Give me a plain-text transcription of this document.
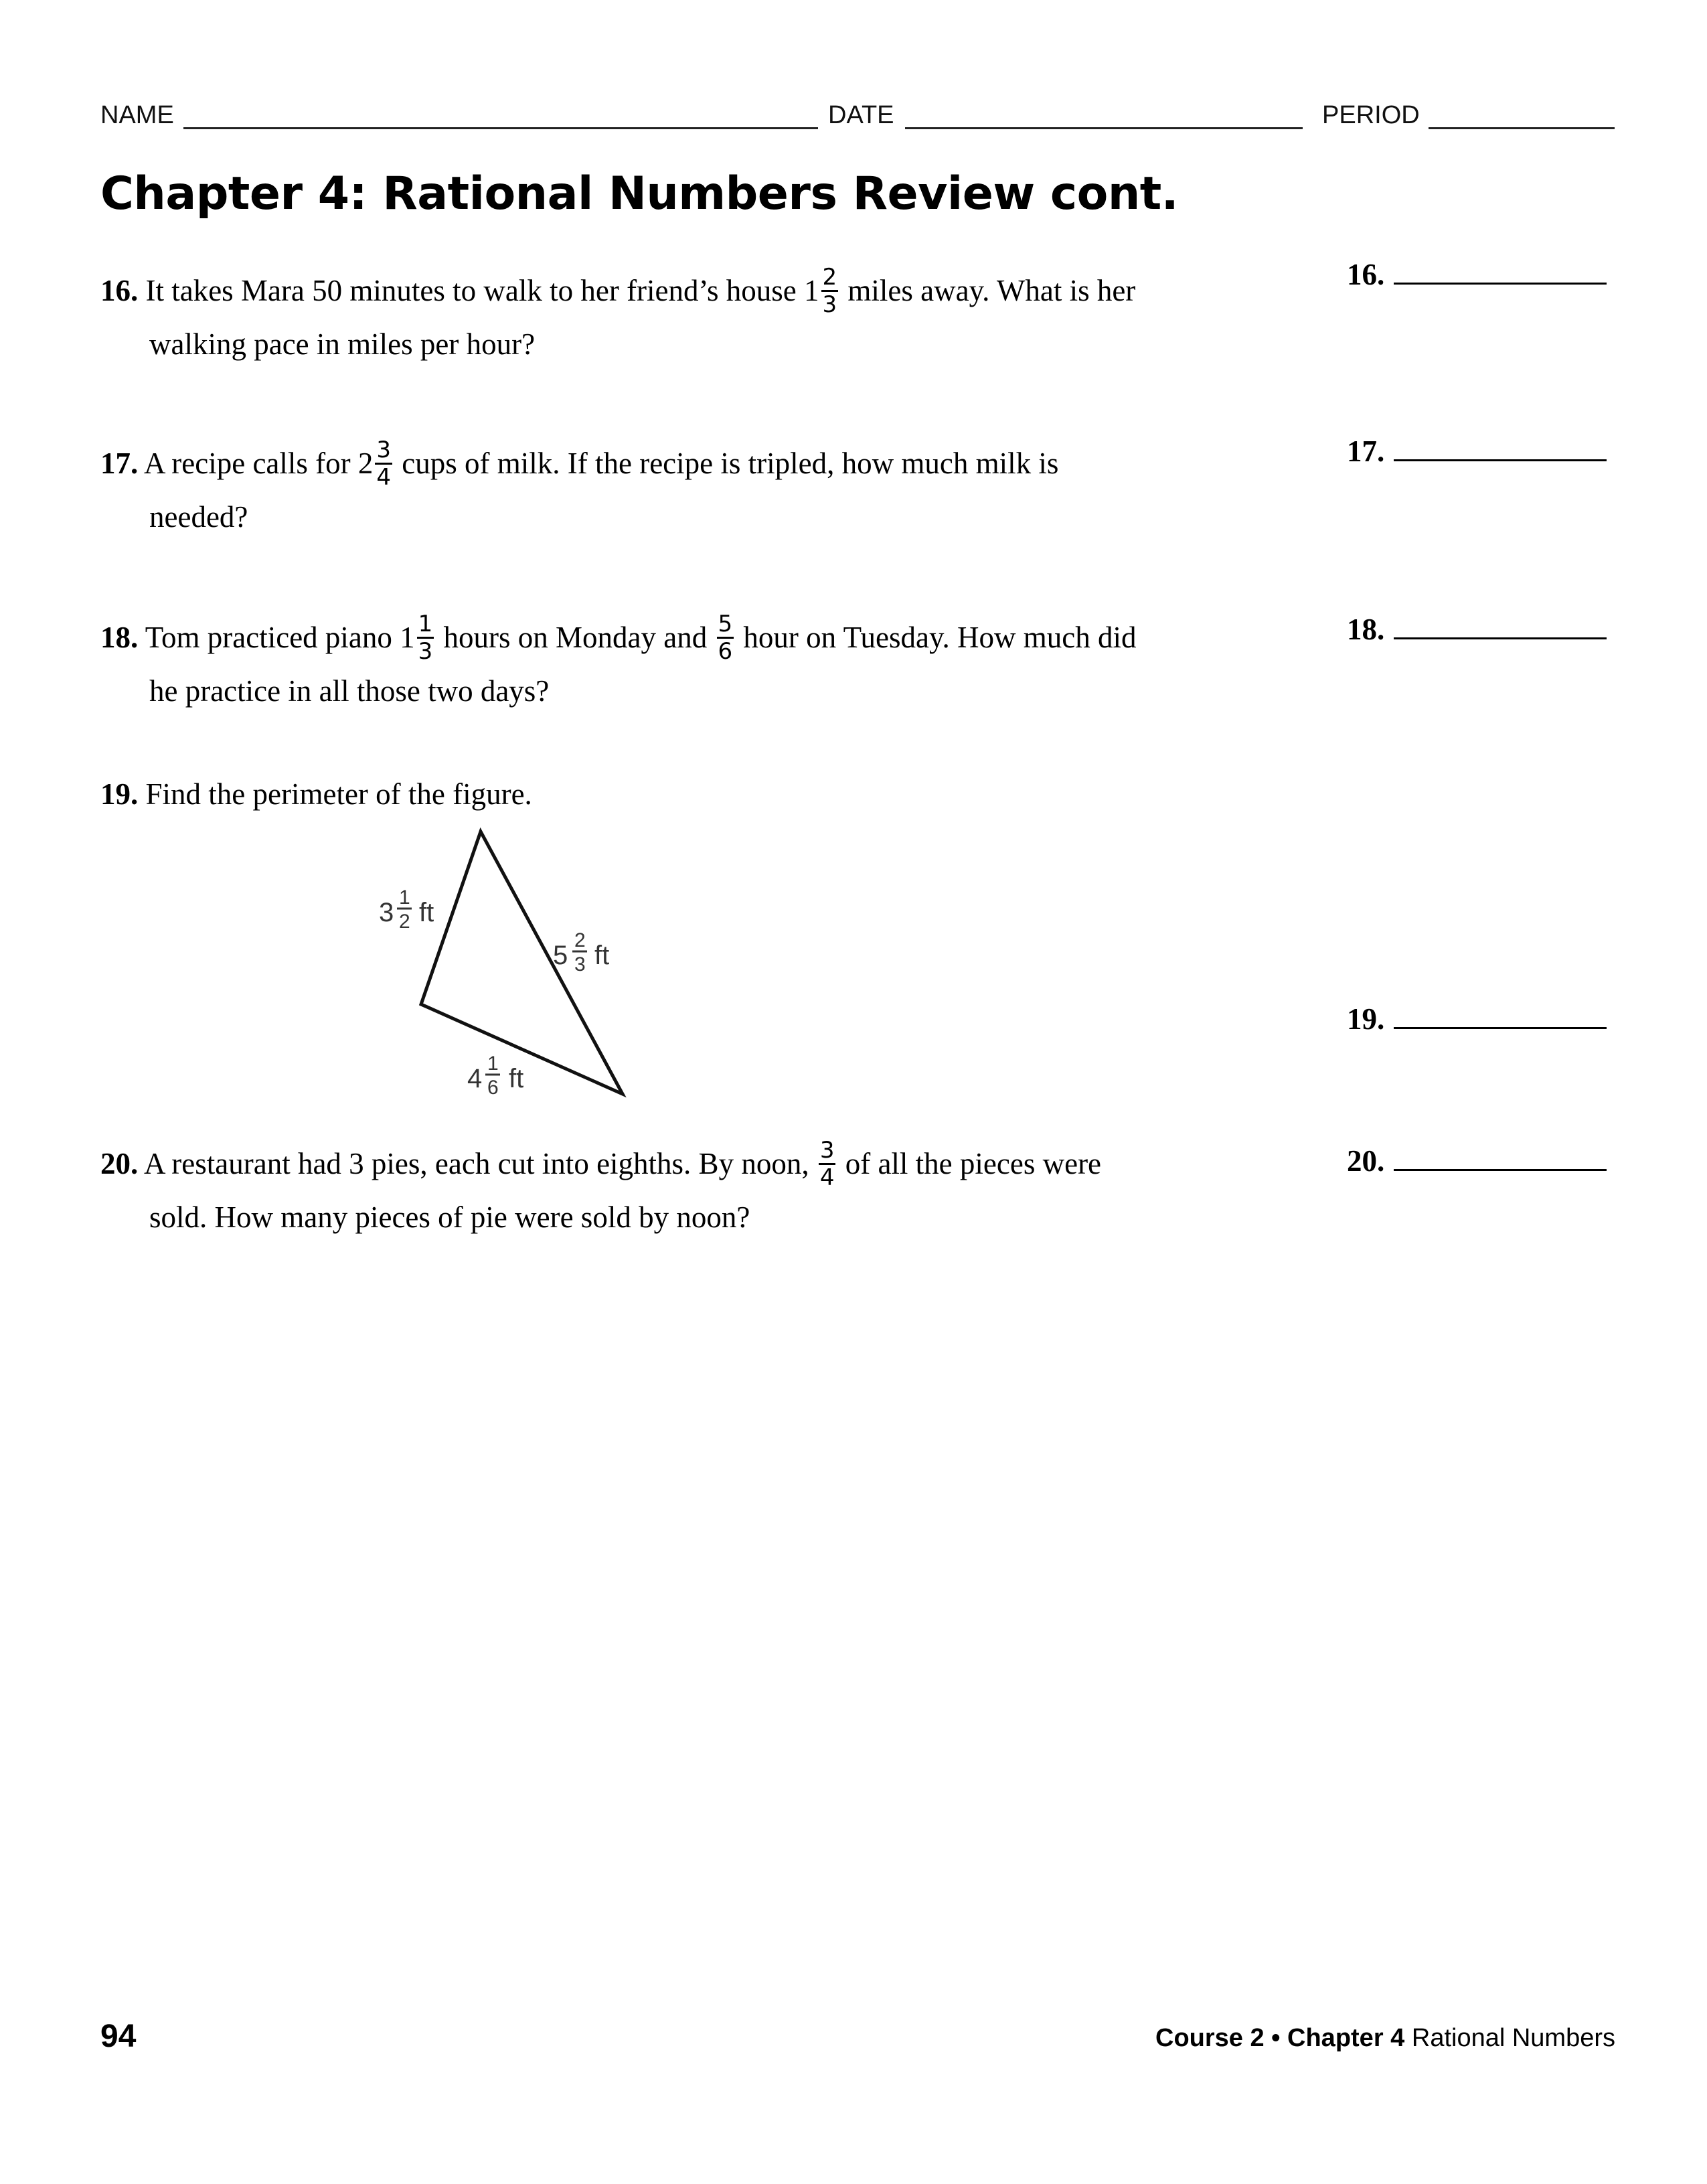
NAME	DATE	PERIOD
Chapter 4: Rational Numbers Review cont.
16. It takes Mara 50 minutes to walk to her friend’s house $1 \frac{2}{3}$ miles away. What is her
walking pace in miles per hour?
17. A recipe calls for $2 \frac{3}{4}$ cups of milk. If the recipe is tripled, how much milk is
needed?
18. Tom practiced piano $1 \frac{1}{3}$ hours on Monday and $\frac{5}{6}$ hour on Tuesday. How much did
he practice in all those two days?
19. Find the perimeter of the figure.
3
1
2 ft
5
2
3 ft
4
1
6 ft
20. A restaurant had 3 pies, each cut into eighths. By noon, $\frac{3}{4}$ of all the pieces were
sold. How many pieces of pie were sold by noon?
16.
17.
18.
19.
20.
94	Course 2 • Chapter 4 Rational Numbers
